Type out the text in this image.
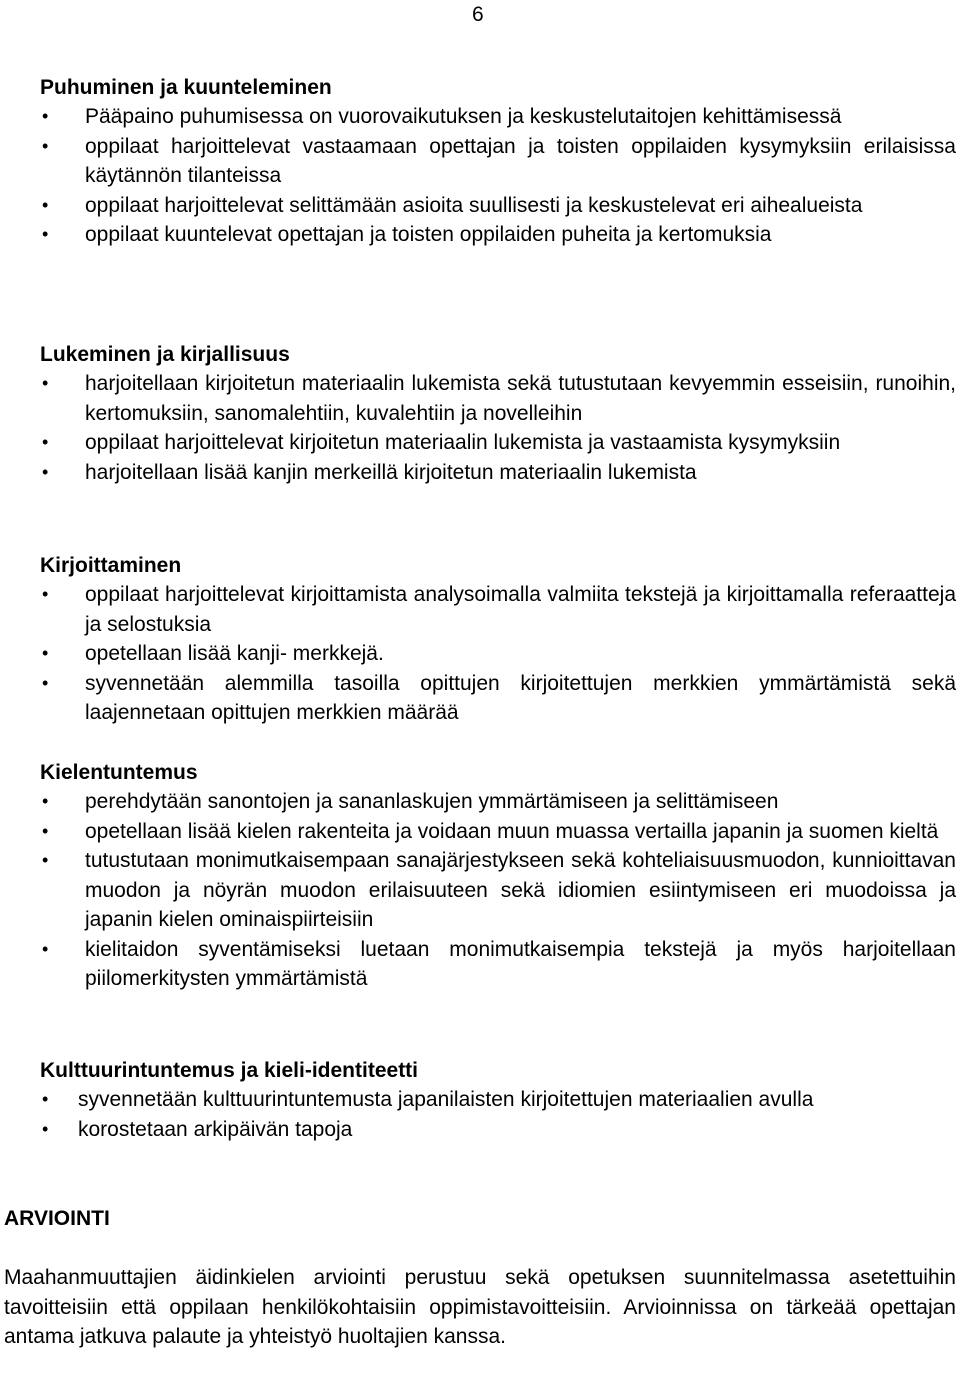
6
Puhuminen ja kuunteleminen
• Pääpaino puhumisessa on vuorovaikutuksen ja keskustelutaitojen kehittämisessä
• oppilaat harjoittelevat vastaamaan opettajan ja toisten oppilaiden kysymyksiin erilaisissa käytännön tilanteissa
• oppilaat harjoittelevat selittämään asioita suullisesti ja keskustelevat eri aihealueista
• oppilaat kuuntelevat opettajan ja toisten oppilaiden puheita ja kertomuksia
Lukeminen ja kirjallisuus
• harjoitellaan kirjoitetun materiaalin lukemista sekä tutustutaan kevyemmin esseisiin, runoihin, kertomuksiin, sanomalehtiin, kuvalehtiin ja novelleihin
• oppilaat harjoittelevat kirjoitetun materiaalin lukemista ja vastaamista kysymyksiin
• harjoitellaan lisää kanjin merkeillä kirjoitetun materiaalin lukemista
Kirjoittaminen
• oppilaat harjoittelevat kirjoittamista analysoimalla valmiita tekstejä ja kirjoittamalla referaatteja ja selostuksia
• opetellaan lisää kanji- merkkejä.
• syvennetään alemmilla tasoilla opittujen kirjoitettujen merkkien ymmärtämistä sekä laajennetaan opittujen merkkien määrää
Kielentuntemus
• perehdytään sanontojen ja sananlaskujen ymmärtämiseen ja selittämiseen
• opetellaan lisää kielen rakenteita ja voidaan muun muassa vertailla japanin ja suomen kieltä
• tutustutaan monimutkaisempaan sanajärjestykseen sekä kohteliaisuusmuodon, kunnioittavan muodon ja nöyrän muodon erilaisuuteen sekä idiomien esiintymiseen eri muodoissa ja japanin kielen ominaispiirteisiin
• kielitaidon syventämiseksi luetaan monimutkaisempia tekstejä ja myös harjoitellaan piilomerkitysten ymmärtämistä
Kulttuurintuntemus ja kieli-identiteetti
• syvennetään kulttuurintuntemusta japanilaisten kirjoitettujen materiaalien avulla
• korostetaan arkipäivän tapoja
ARVIOINTI
Maahanmuuttajien äidinkielen arviointi perustuu sekä opetuksen suunnitelmassa asetettuihin tavoitteisiin että oppilaan henkilökohtaisiin oppimistavoitteisiin. Arvioinnissa on tärkeää opettajan antama jatkuva palaute ja yhteistyö huoltajien kanssa.
